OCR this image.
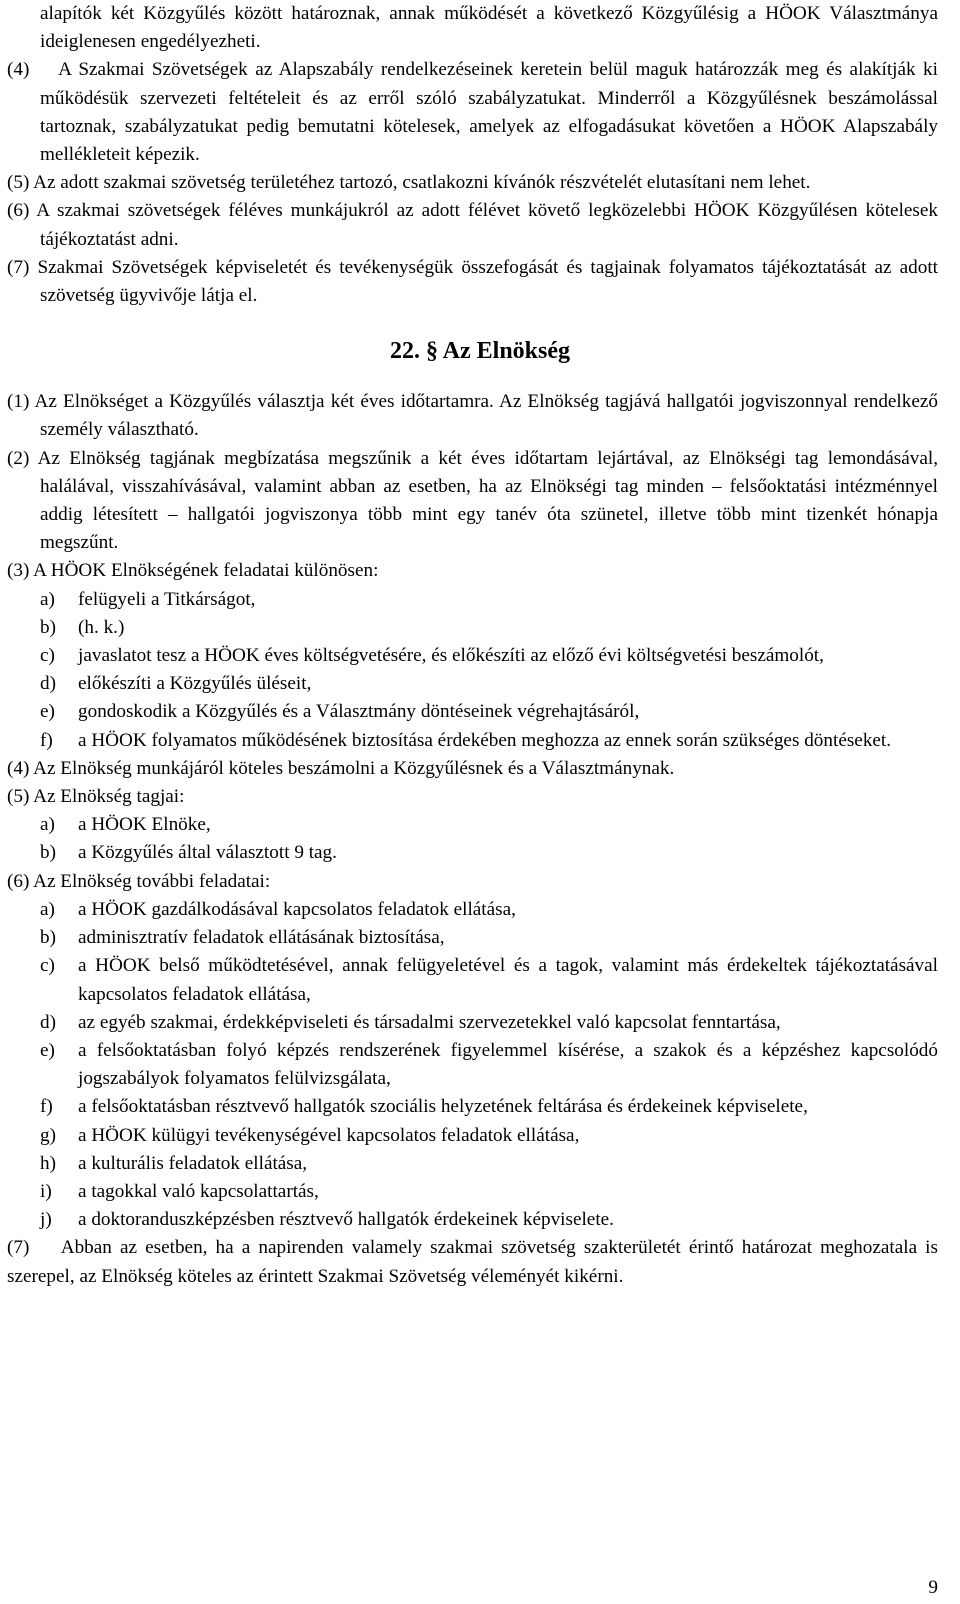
alapítók két Közgyűlés között határoznak, annak működését a következő Közgyűlésig a HÖOK Választmánya ideiglenesen engedélyezheti.

(4) A Szakmai Szövetségek az Alapszabály rendelkezéseinek keretein belül maguk határozzák meg és alakítják ki működésük szervezeti feltételeit és az erről szóló szabályzatukat. Minderről a Közgyűlésnek beszámolással tartoznak, szabályzatukat pedig bemutatni kötelesek, amelyek az elfogadásukat követően a HÖOK Alapszabály mellékleteit képezik.

(5) Az adott szakmai szövetség területéhez tartozó, csatlakozni kívánók részvételét elutasítani nem lehet.

(6) A szakmai szövetségek féléves munkájukról az adott félévet követő legközelebbi HÖOK Közgyűlésen kötelesek tájékoztatást adni.

(7) Szakmai Szövetségek képviseletét és tevékenységük összefogását és tagjainak folyamatos tájékoztatását az adott szövetség ügyvivője látja el.

22. § Az Elnökség

(1) Az Elnökséget a Közgyűlés választja két éves időtartamra. Az Elnökség tagjává hallgatói jogviszonnyal rendelkező személy választható.

(2) Az Elnökség tagjának megbízatása megszűnik a két éves időtartam lejártával, az Elnökségi tag lemondásával, halálával, visszahívásával, valamint abban az esetben, ha az Elnökségi tag minden – felsőoktatási intézménnyel addig létesített – hallgatói jogviszonya több mint egy tanév óta szünetel, illetve több mint tizenkét hónapja megszűnt.

(3) A HÖOK Elnökségének feladatai különösen:

a) felügyeli a Titkárságot,

b) (h. k.)

c) javaslatot tesz a HÖOK éves költségvetésére, és előkészíti az előző évi költségvetési beszámolót,

d) előkészíti a Közgyűlés üléseit,

e) gondoskodik a Közgyűlés és a Választmány döntéseinek végrehajtásáról,

f) a HÖOK folyamatos működésének biztosítása érdekében meghozza az ennek során szükséges döntéseket.

(4) Az Elnökség munkájáról köteles beszámolni a Közgyűlésnek és a Választmánynak.

(5) Az Elnökség tagjai:

a) a HÖOK Elnöke,

b) a Közgyűlés által választott 9 tag.

(6) Az Elnökség további feladatai:

a) a HÖOK gazdálkodásával kapcsolatos feladatok ellátása,

b) adminisztratív feladatok ellátásának biztosítása,

c) a HÖOK belső működtetésével, annak felügyeletével és a tagok, valamint más érdekeltek tájékoztatásával kapcsolatos feladatok ellátása,

d) az egyéb szakmai, érdekképviseleti és társadalmi szervezetekkel való kapcsolat fenntartása,

e) a felsőoktatásban folyó képzés rendszerének figyelemmel kísérése, a szakok és a képzéshez kapcsolódó jogszabályok folyamatos felülvizsgálata,

f) a felsőoktatásban résztvevő hallgatók szociális helyzetének feltárása és érdekeinek képviselete,

g) a HÖOK külügyi tevékenységével kapcsolatos feladatok ellátása,

h) a kulturális feladatok ellátása,

i) a tagokkal való kapcsolattartás,

j) a doktoranduszképzésben résztvevő hallgatók érdekeinek képviselete.

(7) Abban az esetben, ha a napirenden valamely szakmai szövetség szakterületét érintő határozat meghozatala is szerepel, az Elnökség köteles az érintett Szakmai Szövetség véleményét kikérni.

9
